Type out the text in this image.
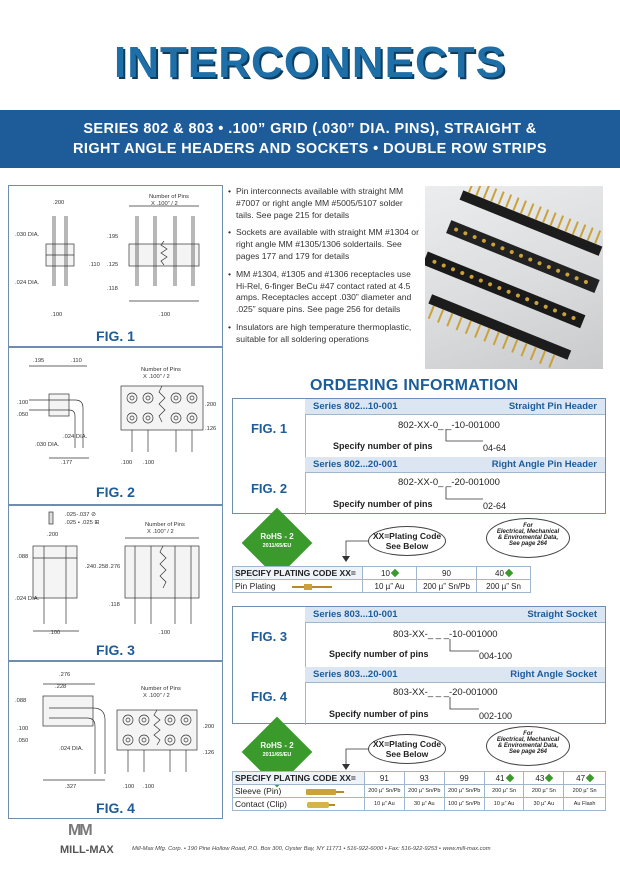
INTERCONNECTS
SERIES 802 & 803 • .100” GRID (.030” DIA. PINS), STRAIGHT &
RIGHT ANGLE HEADERS AND SOCKETS • DOUBLE ROW STRIPS
.200
.030 DIA.	.195
.110 .125
.024 DIA.
.118
.100	.100
Number of Pins
X .100” / 2
FIG. 1
.195	.110
.100
.050
.024 DIA.
.030 DIA.
.177
.200
.126
.100 .100
Number of Pins
X .100” / 2
FIG. 2
.025-.037 ⊘
.025 • .025 ⊞
.200
.088
.240 .258 .276
.024 DIA.
.118
.100	.100
Number of Pins
X .100” / 2
FIG. 3
.276
.228
.088
.100
.050
.024 DIA.
.200
.126
.327	.100 .100
Number of Pins
X .100” / 2
FIG. 4
• Pin interconnects available with straight MM #7007 or right angle MM #5005/5107 solder tails. See page 215 for details
• Sockets are available with straight MM #1304 or right angle MM #1305/1306 soldertails. See pages 177 and 179 for details
• MM #1304, #1305 and #1306 receptacles use Hi-Rel, 6-finger BeCu #47 contact rated at 4.5 amps. Receptacles accept .030” diameter and .025” square pins. See page 256 for details
• Insulators are high temperature thermoplastic, suitable for all soldering operations
ORDERING INFORMATION
Series 802...10-001	Straight Pin Header
FIG. 1	802-XX-0_ _-10-001000
Specify number of pins	04-64
Series 802...20-001	Right Angle Pin Header
FIG. 2	802-XX-0_ _-20-001000
Specify number of pins	02-64
RoHS - 2
2011/65/EU
XX=Plating Code
See Below
For
Electrical, Mechanical
& Enviromental Data,
See page 264
SPECIFY PLATING CODE XX=	10	90	40	
Pin Plating	10 µ” Au	200 µ” Sn/Pb	200 µ” Sn	
Series 803...10-001	Straight Socket
FIG. 3	803-XX-_ _ _-10-001000
Specify number of pins	004-100
Series 803...20-001	Right Angle Socket
FIG. 4	803-XX-_ _ _-20-001000
Specify number of pins	002-100
RoHS - 2
2011/65/EU
XX=Plating Code
See Below
For
Electrical, Mechanical
& Enviromental Data,
See page 264
SPECIFY PLATING CODE XX=	91	93	99	41	43	47
Sleeve (Pin)	200 µ” Sn/Pb	200 µ” Sn/Pb	200 µ” Sn/Pb	200 µ” Sn	200 µ” Sn	200 µ” Sn
Contact (Clip)	10 µ” Au	30 µ” Au	100 µ” Sn/Pb	10 µ” Au	30 µ” Au	Au Flash
MM
MILL-MAX	Mill-Max Mfg. Corp. • 190 Pine Hollow Road, P.O. Box 300, Oyster Bay, NY 11771 • 516-922-6000 • Fax: 516-922-9253 • www.mill-max.com
